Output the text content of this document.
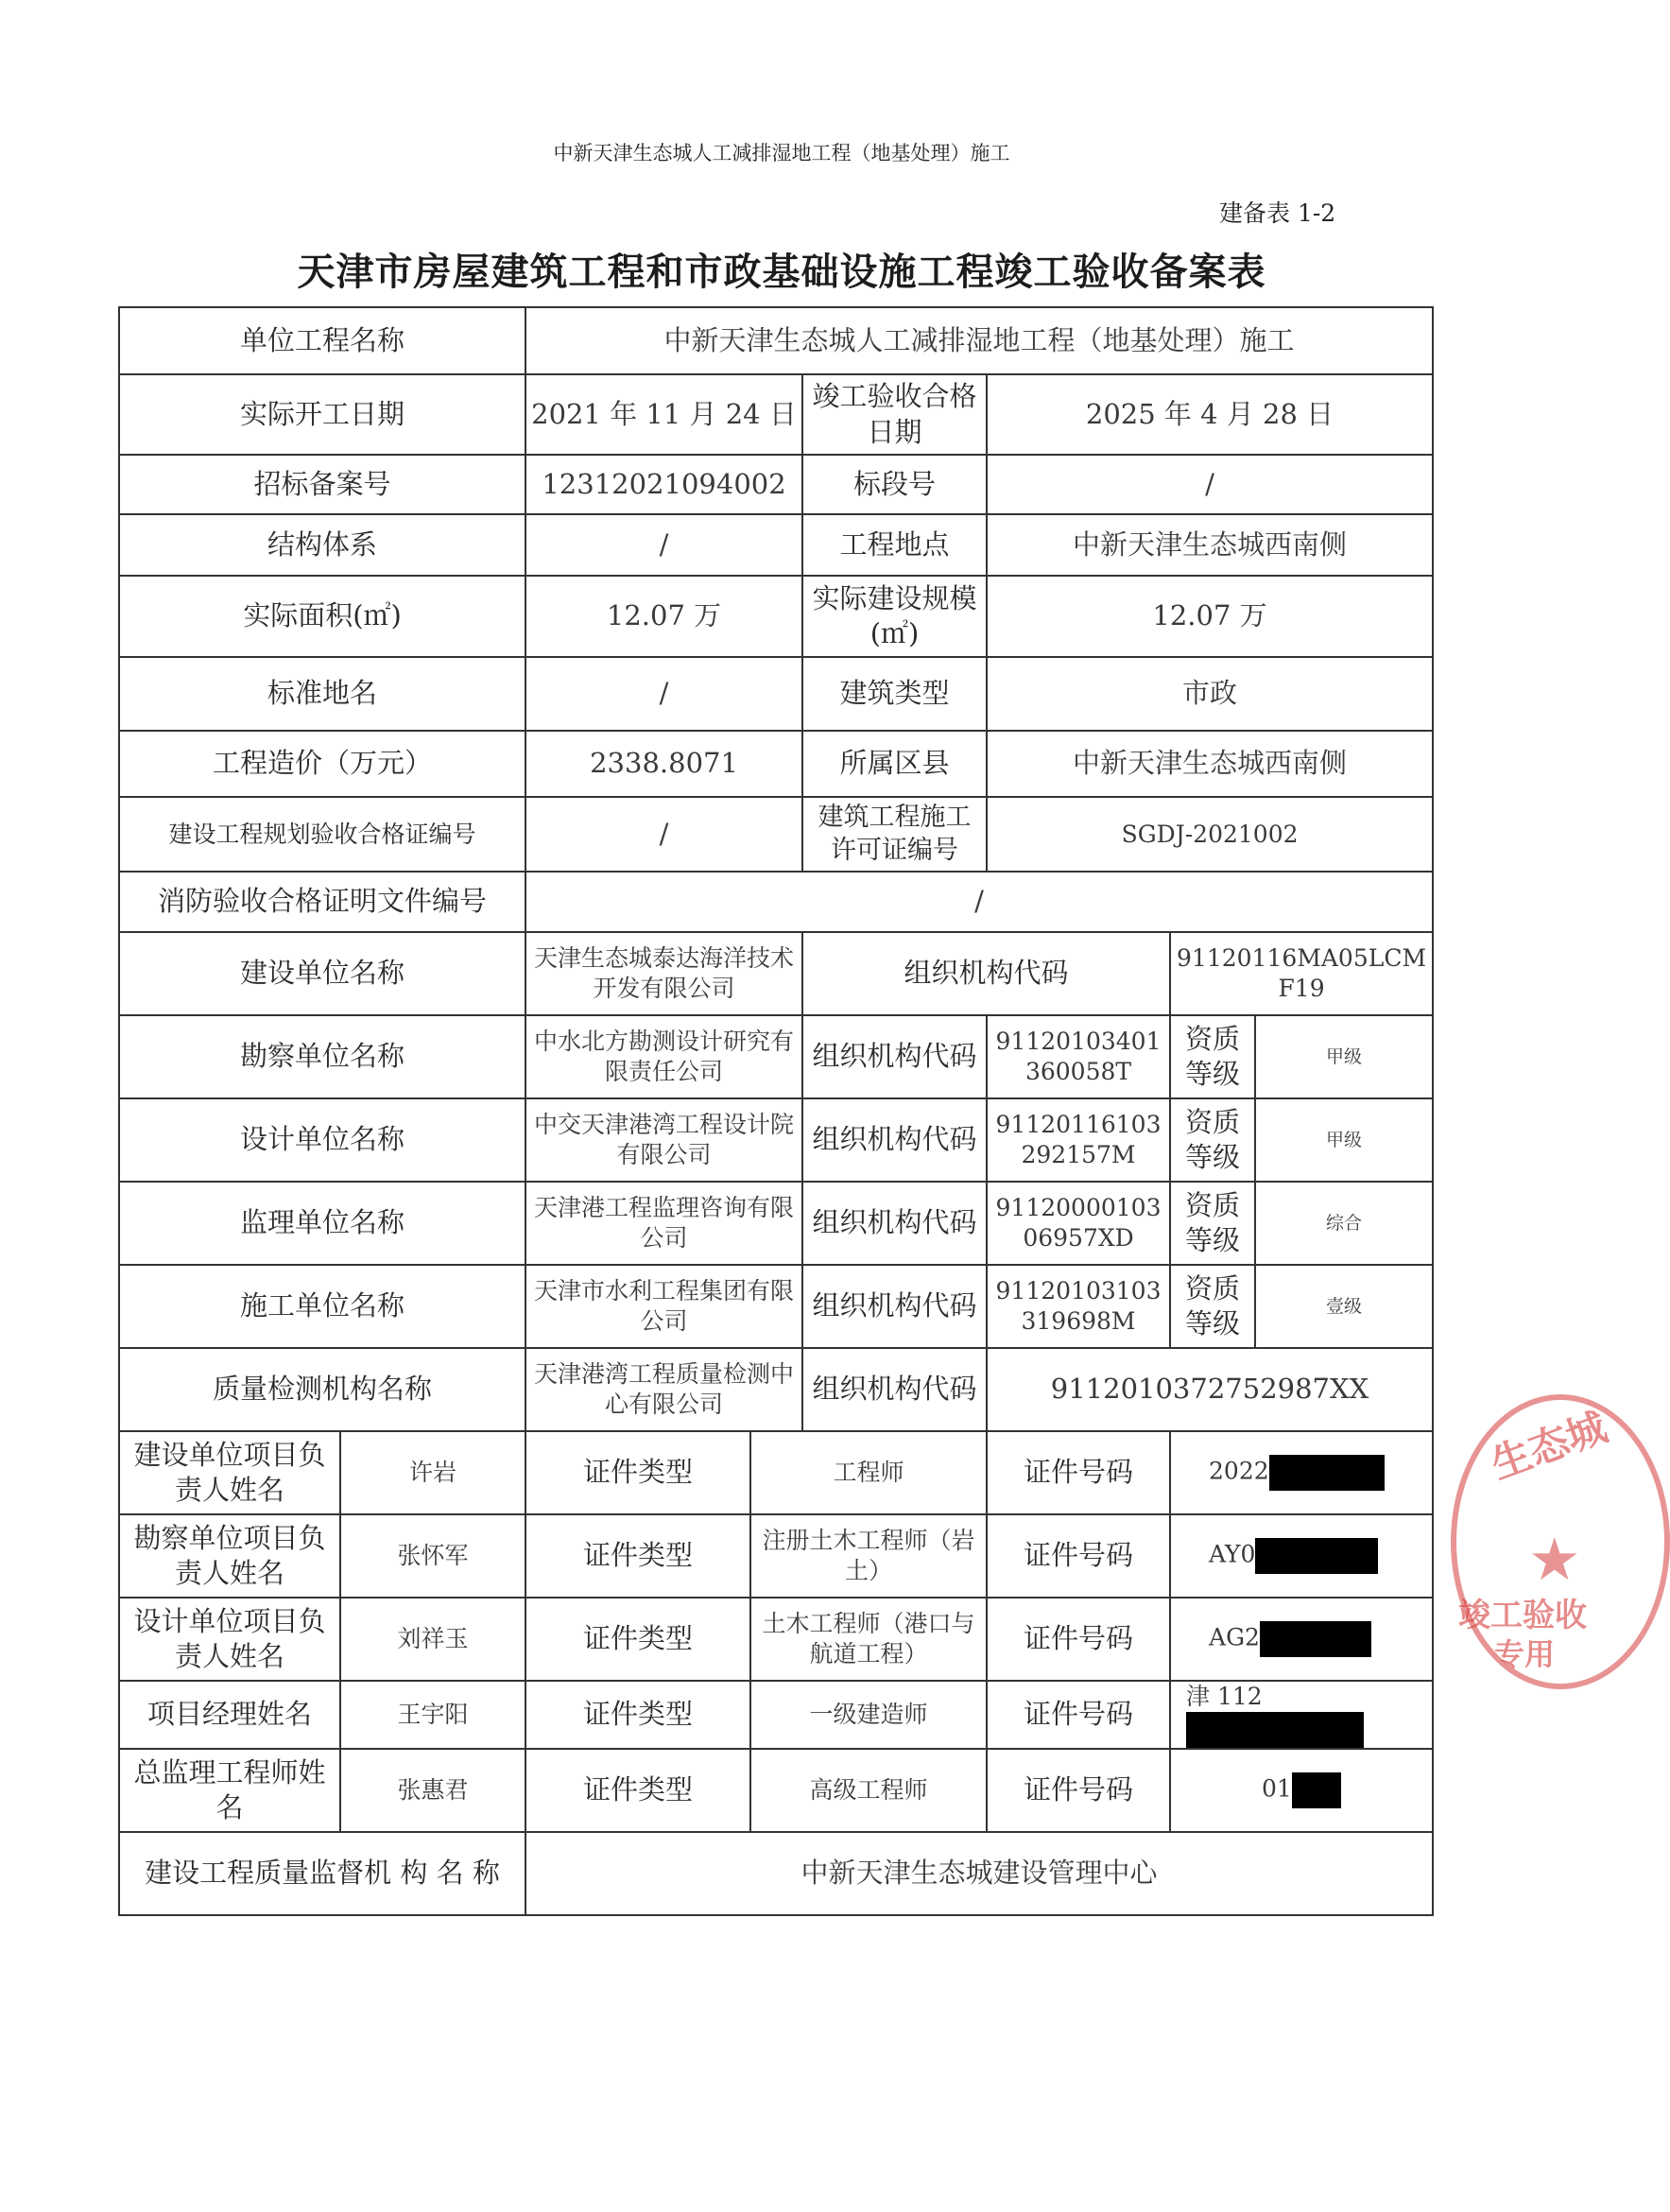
中新天津生态城人工减排湿地工程（地基处理）施工
建备表 1-2
天津市房屋建筑工程和市政基础设施工程竣工验收备案表
单位工程名称		中新天津生态城人工减排湿地工程（地基处理）施工					
实际开工日期		2021 年 11 月 24 日		竣工验收合格日期	2025 年 4 月 28 日		
招标备案号		12312021094002		标段号	/		
结构体系		/		工程地点	中新天津生态城西南侧		
实际面积(㎡)		12.07 万		实际建设规模(㎡)	12.07 万		
标准地名		/		建筑类型	市政		
工程造价（万元）		2338.8071		所属区县	中新天津生态城西南侧		
建设工程规划验收合格证编号		/		建筑工程施工许可证编号	SGDJ-2021002		
消防验收合格证明文件编号		/					
建设单位名称		天津生态城泰达海洋技术开发有限公司		组织机构代码		91120116MA05LCMF19	
勘察单位名称		中水北方勘测设计研究有限责任公司		组织机构代码	911201034013600​58T	资质等级	甲级
设计单位名称		中交天津港湾工程设计院有限公司		组织机构代码	911201161032921​57M	资质等级	甲级
监理单位名称		天津港工程监理咨询有限公司		组织机构代码	9112000010306957XD	资质等级	综合
施工单位名称		天津市水利工程集团有限公司		组织机构代码	911201031033196​98M	资质等级	壹级
质量检测机构名称		天津港湾工程质量检测中心有限公司		组织机构代码	9112010372752987XX		
建设单位项目负责人姓名	许岩	证件类型	工程师		证件号码	2022	
勘察单位项目负责人姓名	张怀军	证件类型	注册土木工程师（岩土）		证件号码	AY0	
设计单位项目负责人姓名	刘祥玉	证件类型	土木工程师（港口与航道工程）		证件号码	AG2	
项目经理姓名	王宇阳	证件类型	一级建造师		证件号码	津 112	
总监理工程师姓名	张惠君	证件类型	高级工程师		证件号码	01	
建设工程质量监督机 构 名 称		中新天津生态城建设管理中心					
生态城
★
竣工验收
专用
